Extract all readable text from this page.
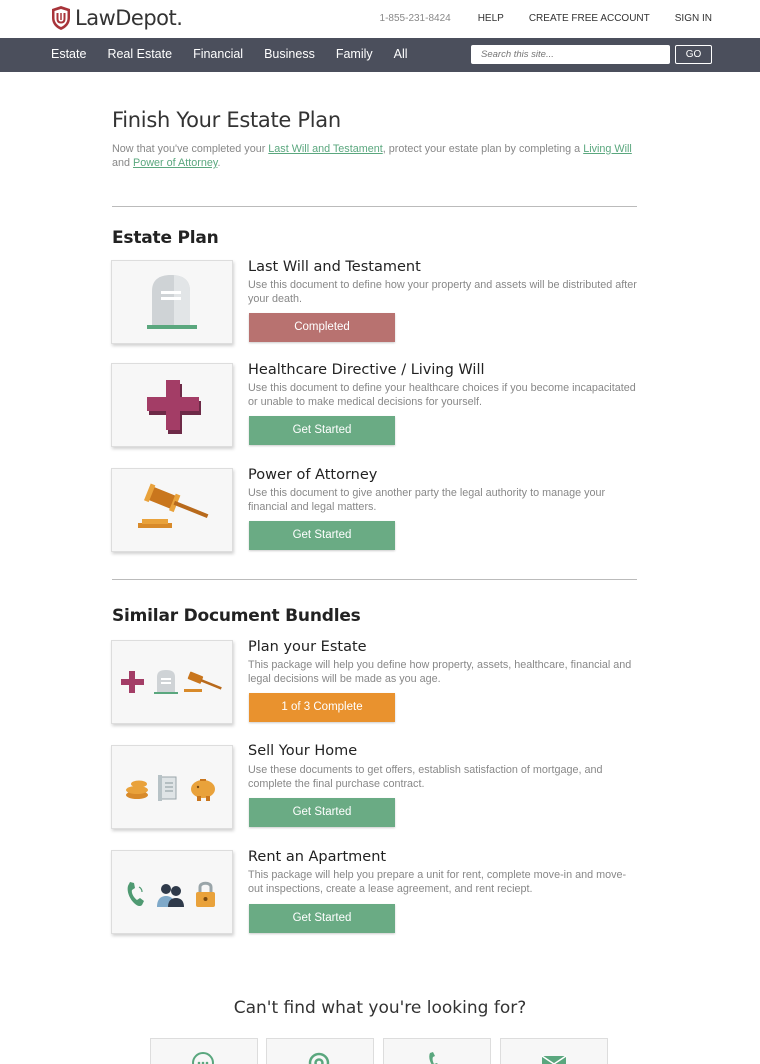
LawDepot.	1-855-231-8424	HELP	CREATE FREE ACCOUNT	SIGN IN
Estate Real Estate Financial Business Family All
Search this site...	GO
Finish Your Estate Plan

Now that you've completed your Last Will and Testament, protect your estate plan by completing a Living Will and Power of Attorney.

Estate Plan
Last Will and Testament
Use this document to define how your property and assets will be distributed after your death.
Completed
Healthcare Directive / Living Will
Use this document to define your healthcare choices if you become incapacitated or unable to make medical decisions for yourself.
Get Started
Power of Attorney
Use this document to give another party the legal authority to manage your financial and legal matters.
Get Started
Similar Document Bundles
Plan your Estate
This package will help you define how property, assets, healthcare, financial and legal decisions will be made as you age.
1 of 3 Complete
Sell Your Home
Use these documents to get offers, establish satisfaction of mortgage, and complete the final purchase contract.
Get Started
Rent an Apartment
This package will help you prepare a unit for rent, complete move-in and move-out inspections, create a lease agreement, and rent reciept.
Get Started
Can't find what you're looking for?
